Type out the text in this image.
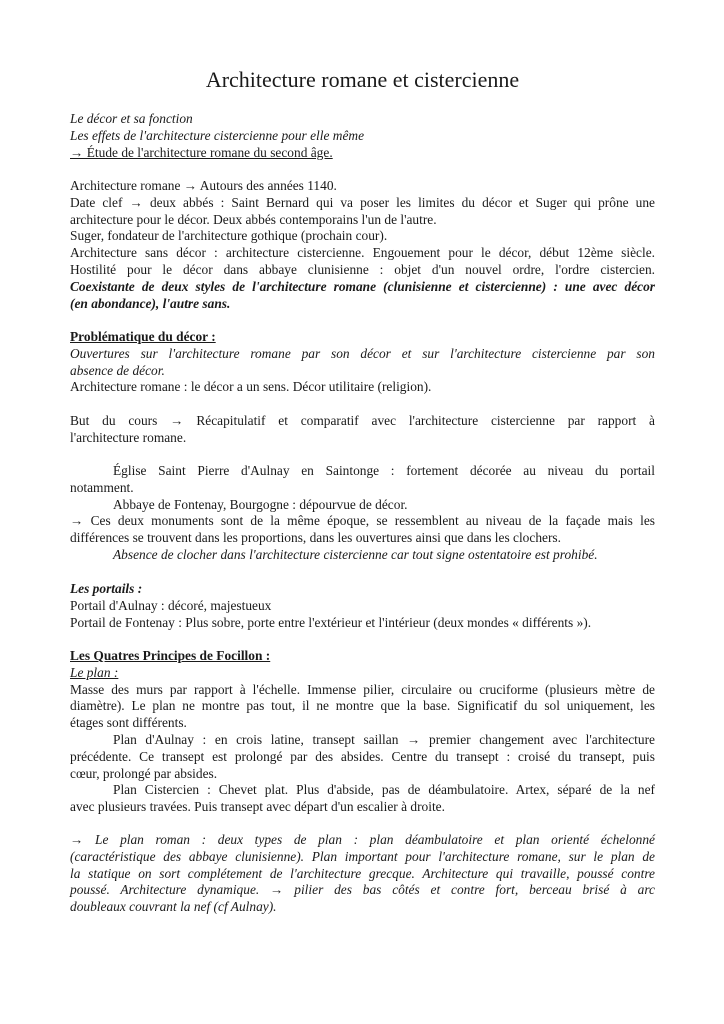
Architecture romane et cistercienne
Le décor et sa fonction
Les effets de l'architecture cistercienne pour elle même
→ Étude de l'architecture romane du second âge.
Architecture romane → Autours des années 1140.
Date clef → deux abbés : Saint Bernard qui va poser les limites du décor et Suger qui prône une
architecture pour le décor. Deux abbés contemporains l'un de l'autre.
Suger, fondateur de l'architecture gothique (prochain cour).
Architecture sans décor : architecture cistercienne. Engouement pour le décor, début 12ème siècle.
Hostilité pour le décor dans abbaye clunisienne : objet d'un nouvel ordre, l'ordre cistercien.
Coexistante de deux styles de l'architecture romane (clunisienne et cistercienne) : une avec décor
(en abondance), l'autre sans.
Problématique du décor :
Ouvertures sur l'architecture romane par son décor et sur l'architecture cistercienne par son
absence de décor.
Architecture romane : le décor a un sens. Décor utilitaire (religion).
But du cours → Récapitulatif et comparatif avec l'architecture cistercienne par rapport à
l'architecture romane.
Église Saint Pierre d'Aulnay en Saintonge : fortement décorée au niveau du portail
notamment.
Abbaye de Fontenay, Bourgogne : dépourvue de décor.
→ Ces deux monuments sont de la même époque, se ressemblent au niveau de la façade mais les
différences se trouvent dans les proportions, dans les ouvertures ainsi que dans les clochers.
Absence de clocher dans l'architecture cistercienne car tout signe ostentatoire est prohibé.
Les portails :
Portail d'Aulnay : décoré, majestueux
Portail de Fontenay : Plus sobre, porte entre l'extérieur et l'intérieur (deux mondes « différents »).
Les Quatres Principes de Focillon :
Le plan :
Masse des murs par rapport à l'échelle. Immense pilier, circulaire ou cruciforme (plusieurs mètre de
diamètre). Le plan ne montre pas tout, il ne montre que la base. Significatif du sol uniquement, les
étages sont différents.
Plan d'Aulnay : en crois latine, transept saillan → premier changement avec l'architecture
précédente. Ce transept est prolongé par des absides. Centre du transept : croisé du transept, puis
cœur, prolongé par absides.
Plan Cistercien : Chevet plat. Plus d'abside, pas de déambulatoire. Artex, séparé de la nef
avec plusieurs travées. Puis transept avec départ d'un escalier à droite.
→ Le plan roman : deux types de plan : plan déambulatoire et plan orienté échelonné
(caractéristique des abbaye clunisienne). Plan important pour l'architecture romane, sur le plan de
la statique on sort complétement de l'architecture grecque. Architecture qui travaille, poussé contre
poussé. Architecture dynamique. → pilier des bas côtés et contre fort, berceau brisé à arc
doubleaux couvrant la nef (cf Aulnay).
